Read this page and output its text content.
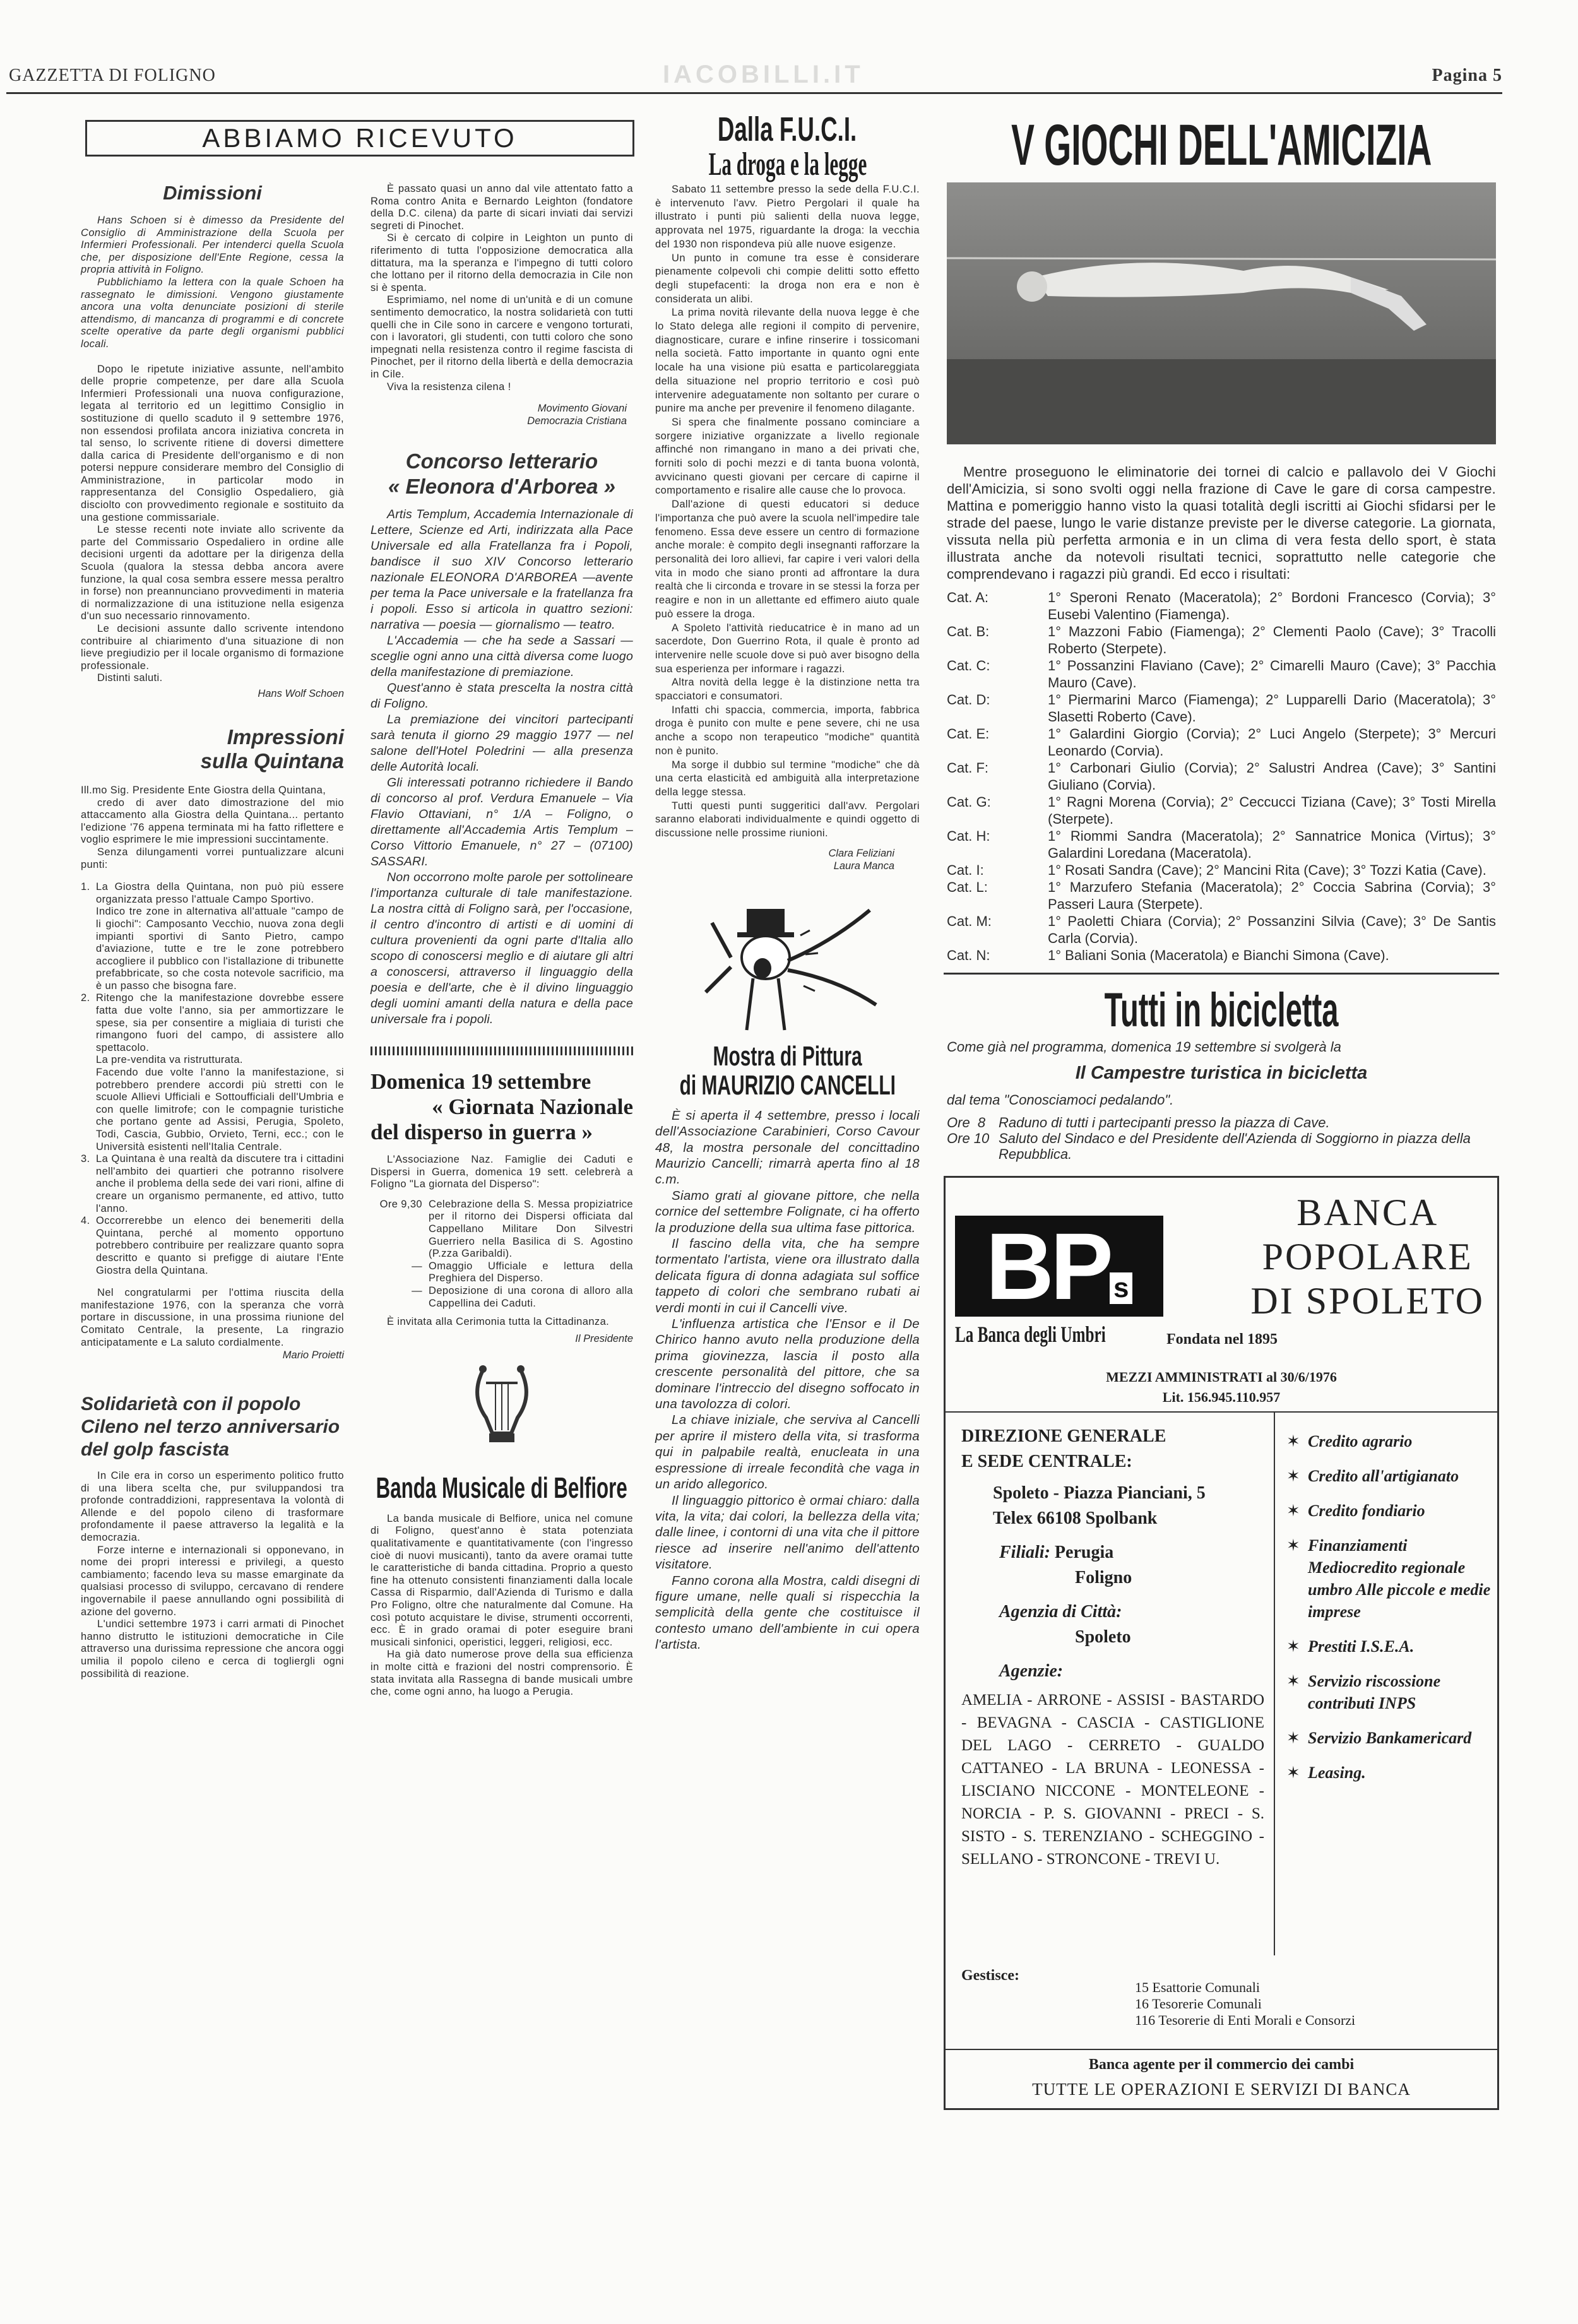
GAZZETTA DI FOLIGNO	IACOBILLI.IT	Pagina 5
ABBIAMO RICEVUTO
Dimissioni

Hans Schoen si è dimesso da Presidente del Consiglio di Amministrazione della Scuola per Infermieri Professionali. Per intenderci quella Scuola che, per disposizione dell'Ente Regione, cessa la propria attività in Foligno.

Pubblichiamo la lettera con la quale Schoen ha rassegnato le dimissioni. Vengono giustamente ancora una volta denunciate posizioni di sterile attendismo, di mancanza di programmi e di concrete scelte operative da parte degli organismi pubblici locali.

Dopo le ripetute iniziative assunte, nell'ambito delle proprie competenze, per dare alla Scuola Infermieri Professionali una nuova configurazione, legata al territorio ed un legittimo Consiglio in sostituzione di quello scaduto il 9 settembre 1976, non essendosi profilata ancora iniziativa concreta in tal senso, lo scrivente ritiene di doversi dimettere dalla carica di Presidente dell'organismo e di non potersi neppure considerare membro del Consiglio di Amministrazione, in particolar modo in rappresentanza del Consiglio Ospedaliero, già disciolto con provvedimento regionale e sostituito da una gestione commissariale.

Le stesse recenti note inviate allo scrivente da parte del Commissario Ospedaliero in ordine alle decisioni urgenti da adottare per la dirigenza della Scuola (qualora la stessa debba ancora avere funzione, la qual cosa sembra essere messa peraltro in forse) non preannunciano provvedimenti in materia di normalizzazione di una istituzione nella esigenza d'un suo necessario rinnovamento.

Le decisioni assunte dallo scrivente intendono contribuire al chiarimento d'una situazione di non lieve pregiudizio per il locale organismo di formazione professionale.

Distinti saluti.

Hans Wolf Schoen
Impressioni
sulla Quintana
Ill.mo Sig. Presidente Ente Giostra della Quintana,

credo di aver dato dimostrazione del mio attaccamento alla Giostra della Quintana... pertanto l'edizione '76 appena terminata mi ha fatto riflettere e voglio esprimere le mie impressioni succintamente.

Senza dilungamenti vorrei puntualizzare alcuni punti:

1. La Giostra della Quintana, non può più essere organizzata presso l'attuale Campo Sportivo.

Indico tre zone in alternativa all'attuale "campo de li giochi": Camposanto Vecchio, nuova zona degli impianti sportivi di Santo Pietro, campo d'aviazione, tutte e tre le zone potrebbero accogliere il pubblico con l'istallazione di tribunette prefabbricate, so che costa notevole sacrificio, ma è un passo che bisogna fare.

2. Ritengo che la manifestazione dovrebbe essere fatta due volte l'anno, sia per ammortizzare le spese, sia per consentire a migliaia di turisti che rimangono fuori del campo, di assistere allo spettacolo.

La pre-vendita va ristrutturata.

Facendo due volte l'anno la manifestazione, si potrebbero prendere accordi più stretti con le scuole Allievi Ufficiali e Sottoufficiali dell'Umbria e con quelle limitrofe; con le compagnie turistiche che portano gente ad Assisi, Perugia, Spoleto, Todi, Cascia, Gubbio, Orvieto, Terni, ecc.; con le Università esistenti nell'Italia Centrale.

3. La Quintana è una realtà da discutere tra i cittadini nell'ambito dei quartieri che potranno risolvere anche il problema della sede dei vari rioni, alfine di creare un organismo permanente, ed attivo, tutto l'anno.

4. Occorrerebbe un elenco dei benemeriti della Quintana, perché al momento opportuno potrebbero contribuire per realizzare quanto sopra descritto e quanto si prefigge di aiutare l'Ente Giostra della Quintana.

Nel congratularmi per l'ottima riuscita della manifestazione 1976, con la speranza che vorrà portare in discussione, in una prossima riunione del Comitato Centrale, la presente, La ringrazio anticipatamente e La saluto cordialmente.

Mario Proietti
Solidarietà con il popolo Cileno nel terzo anniversario del golp fascista

In Cile era in corso un esperimento politico frutto di una libera scelta che, pur sviluppandosi tra profonde contraddizioni, rappresentava la volontà di Allende e del popolo cileno di trasformare profondamente il paese attraverso la legalità e la democrazia.

Forze interne e internazionali si opponevano, in nome dei propri interessi e privilegi, a questo cambiamento; facendo leva su masse emarginate da qualsiasi processo di sviluppo, cercavano di rendere ingovernabile il paese annullando ogni possibilità di azione del governo.

L'undici settembre 1973 i carri armati di Pinochet hanno distrutto le istituzioni democratiche in Cile attraverso una durissima repressione che ancora oggi umilia il popolo cileno e cerca di togliergli ogni possibilità di reazione.

È passato quasi un anno dal vile attentato fatto a Roma contro Anita e Bernardo Leighton (fondatore della D.C. cilena) da parte di sicari inviati dai servizi segreti di Pinochet.

Si è cercato di colpire in Leighton un punto di riferimento di tutta l'opposizione democratica alla dittatura, ma la speranza e l'impegno di tutti coloro che lottano per il ritorno della democrazia in Cile non si è spenta.

Esprimiamo, nel nome di un'unità e di un comune sentimento democratico, la nostra solidarietà con tutti quelli che in Cile sono in carcere e vengono torturati, con i lavoratori, gli studenti, con tutti coloro che sono impegnati nella resistenza contro il regime fascista di Pinochet, per il ritorno della libertà e della democrazia in Cile.

Viva la resistenza cilena !

Movimento Giovani
Democrazia Cristiana
Concorso letterario
« Eleonora d'Arborea »

Artis Templum, Accademia Internazionale di Lettere, Scienze ed Arti, indirizzata alla Pace Universale ed alla Fratellanza fra i Popoli, bandisce il suo XIV Concorso letterario nazionale ELEONORA D'ARBOREA —avente per tema la Pace universale e la fratellanza fra i popoli. Esso si articola in quattro sezioni: narrativa — poesia — giornalismo — teatro.

L'Accademia — che ha sede a Sassari — sceglie ogni anno una città diversa come luogo della manifestazione di premiazione.

Quest'anno è stata prescelta la nostra città di Foligno.

La premiazione dei vincitori partecipanti sarà tenuta il giorno 29 maggio 1977 — nel salone dell'Hotel Poledrini — alla presenza delle Autorità locali.

Gli interessati potranno richiedere il Bando di concorso al prof. Verdura Emanuele – Via Flavio Ottaviani, n° 1/A – Foligno, o direttamente all'Accademia Artis Templum – Corso Vittorio Emanuele, n° 27 – (07100) SASSARI.

Non occorrono molte parole per sottolineare l'importanza culturale di tale manifestazione. La nostra città di Foligno sarà, per l'occasione, il centro d'incontro di artisti e di uomini di cultura provenienti da ogni parte d'Italia allo scopo di conoscersi meglio e di aiutare gli altri a conoscersi, attraverso il linguaggio della poesia e dell'arte, che è il divino linguaggio degli uomini amanti della natura e della pace universale fra i popoli.

Domenica 19 settembre
« Giornata Nazionale
del disperso in guerra »

L'Associazione Naz. Famiglie dei Caduti e Dispersi in Guerra, domenica 19 sett. celebrerà a Foligno "La giornata del Disperso":

Ore 9,30 Celebrazione della S. Messa propiziatrice per il ritorno dei Dispersi officiata dal Cappellano Militare Don Silvestri Guerriero nella Basilica di S. Agostino (P.zza Garibaldi).
— Omaggio Ufficiale e lettura della Preghiera del Disperso.
— Deposizione di una corona di alloro alla Cappellina dei Caduti.

È invitata alla Cerimonia tutta la Cittadinanza.

Il Presidente
Banda Musicale di Belfiore

La banda musicale di Belfiore, unica nel comune di Foligno, quest'anno è stata potenziata qualitativamente e quantitativamente (con l'ingresso cioè di nuovi musicanti), tanto da avere oramai tutte le caratteristiche di banda cittadina. Proprio a questo fine ha ottenuto consistenti finanziamenti dalla locale Cassa di Risparmio, dall'Azienda di Turismo e dalla Pro Foligno, oltre che naturalmente dal Comune. Ha così potuto acquistare le divise, strumenti occorrenti, ecc. È in grado oramai di poter eseguire brani musicali sinfonici, operistici, leggeri, religiosi, ecc.

Ha già dato numerose prove della sua efficienza in molte città e frazioni del nostri comprensorio. È stata invitata alla Rassegna di bande musicali umbre che, come ogni anno, ha luogo a Perugia.

Sabato 11 settembre presso la sede della F.U.C.I. è intervenuto l'avv. Pietro Pergolari il quale ha illustrato i punti più salienti della nuova legge, approvata nel 1975, riguardante la droga: la vecchia del 1930 non rispondeva più alle nuove esigenze.

Un punto in comune tra esse è considerare pienamente colpevoli chi compie delitti sotto effetto degli stupefacenti: la droga non era e non è considerata un alibi.

La prima novità rilevante della nuova legge è che lo Stato delega alle regioni il compito di pervenire, diagnosticare, curare e infine rinserire i tossicomani nella società. Fatto importante in quanto ogni ente locale ha una visione più esatta e particolareggiata della situazione nel proprio territorio e così può intervenire adeguatamente non soltanto per curare o punire ma anche per prevenire il fenomeno dilagante.

Si spera che finalmente possano cominciare a sorgere iniziative organizzate a livello regionale affinché non rimangano in mano a dei privati che, forniti solo di pochi mezzi e di tanta buona volontà, avvicinano questi giovani per cercare di capirne il comportamento e risalire alle cause che lo provoca.

Dall'azione di questi educatori si deduce l'importanza che può avere la scuola nell'impedire tale fenomeno. Essa deve essere un centro di formazione anche morale: è compito degli insegnanti rafforzare la personalità dei loro allievi, far capire i veri valori della vita in modo che siano pronti ad affrontare la dura realtà che li circonda e trovare in se stessi la forza per reagire e non in un allettante ed effimero aiuto quale può essere la droga.

A Spoleto l'attività rieducatrice è in mano ad un sacerdote, Don Guerrino Rota, il quale è pronto ad intervenire nelle scuole dove si può aver bisogno della sua esperienza per informare i ragazzi.

Altra novità della legge è la distinzione netta tra spacciatori e consumatori.

Infatti chi spaccia, commercia, importa, fabbrica droga è punito con multe e pene severe, chi ne usa anche a scopo non terapeutico "modiche" quantità non è punito.

Ma sorge il dubbio sul termine "modiche" che dà una certa elasticità ed ambiguità alla interpretazione della legge stessa.

Tutti questi punti suggeritici dall'avv. Pergolari saranno elaborati individualmente e quindi oggetto di discussione nelle prossime riunioni.

Clara Feliziani
Laura Manca
Mostra di Pittura
di MAURIZIO CANCELLI

È si aperta il 4 settembre, presso i locali dell'Associazione Carabinieri, Corso Cavour 48, la mostra personale del concittadino Maurizio Cancelli; rimarrà aperta fino al 18 c.m.

Siamo grati al giovane pittore, che nella cornice del settembre Folignate, ci ha offerto la produzione della sua ultima fase pittorica.

Il fascino della vita, che ha sempre tormentato l'artista, viene ora illustrato dalla delicata figura di donna adagiata sul soffice tappeto di colori che sembrano rubati ai verdi monti in cui il Cancelli vive.

L'influenza artistica che l'Ensor e il De Chirico hanno avuto nella produzione della prima giovinezza, lascia il posto alla crescente personalità del pittore, che sa dominare l'intreccio del disegno soffocato in una tavolozza di colori.

La chiave iniziale, che serviva al Cancelli per aprire il mistero della vita, si trasforma qui in palpabile realtà, enucleata in una espressione di irreale fecondità che vaga in un arido allegorico.

Il linguaggio pittorico è ormai chiaro: dalla vita, la vita; dai colori, la bellezza della vita; dalle linee, i contorni di una vita che il pittore riesce ad inserire nell'animo dell'attento visitatore.

Fanno corona alla Mostra, caldi disegni di figure umane, nelle quali si rispecchia la semplicità della gente che costituisce il contesto umano dell'ambiente in cui opera l'artista.

Dalla F.U.C.I.
La droga e la legge V GIOCHI DELL'AMICIZIA

Mentre proseguono le eliminatorie dei tornei di calcio e pallavolo dei V Giochi dell'Amicizia, si sono svolti oggi nella frazione di Cave le gare di corsa campestre. Mattina e pomeriggio hanno visto la quasi totalità degli iscritti ai Giochi sfidarsi per le strade del paese, lungo le varie distanze previste per le diverse categorie. La giornata, vissuta nella più perfetta armonia e in un clima di vera festa dello sport, è stata illustrata anche da notevoli risultati tecnici, soprattutto nelle categorie che comprendevano i ragazzi più grandi. Ed ecco i risultati:

Cat. A:	1° Speroni Renato (Maceratola); 2° Bordoni Francesco (Corvia); 3° Eusebi Valentino (Fiamenga).
Cat. B:	1° Mazzoni Fabio (Fiamenga); 2° Clementi Paolo (Cave); 3° Tracolli Roberto (Sterpete).
Cat. C:	1° Possanzini Flaviano (Cave); 2° Cimarelli Mauro (Cave); 3° Pacchia Mauro (Cave).
Cat. D:	1° Piermarini Marco (Fiamenga); 2° Lupparelli Dario (Maceratola); 3° Slasetti Roberto (Cave).
Cat. E:	1° Galardini Giorgio (Corvia); 2° Luci Angelo (Sterpete); 3° Mercuri Leonardo (Corvia).
Cat. F:	1° Carbonari Giulio (Corvia); 2° Salustri Andrea (Cave); 3° Santini Giuliano (Corvia).
Cat. G:	1° Ragni Morena (Corvia); 2° Ceccucci Tiziana (Cave); 3° Tosti Mirella (Sterpete).
Cat. H:	1° Riommi Sandra (Maceratola); 2° Sannatrice Monica (Virtus); 3° Galardini Loredana (Maceratola).
Cat. I:	1° Rosati Sandra (Cave); 2° Mancini Rita (Cave); 3° Tozzi Katia (Cave).
Cat. L:	1° Marzufero Stefania (Maceratola); 2° Coccia Sabrina (Corvia); 3° Passeri Laura (Sterpete).
Cat. M:	1° Paoletti Chiara (Corvia); 2° Possanzini Silvia (Cave); 3° De Santis Carla (Corvia).
Cat. N:	1° Baliani Sonia (Maceratola) e Bianchi Simona (Cave).
Tutti in bicicletta
Come già nel programma, domenica 19 settembre si svolgerà la
Il Campestre turistica in bicicletta
dal tema "Conosciamoci pedalando".
Ore  8 Raduno di tutti i partecipanti presso la piazza di Cave.
Ore 10 Saluto del Sindaco e del Presidente dell'Azienda di Soggiorno in piazza della Repubblica.
BP s
La Banca degli Umbri	Fondata nel 1895
BANCA
POPOLARE
DI SPOLETO
MEZZI AMMINISTRATI al 30/6/1976
Lit. 156.945.110.957
DIREZIONE GENERALE
E SEDE CENTRALE:
Spoleto - Piazza Pianciani, 5
Telex 66108 Spolbank
Filiali: Perugia
Foligno
Agenzia di Città:
Spoleto
Agenzie:
AMELIA - ARRONE - ASSISI - BASTARDO - BEVAGNA - CASCIA - CASTIGLIONE DEL LAGO - CERRETO - GUALDO CATTANEO - LA BRUNA - LEONESSA - LISCIANO NICCONE - MONTELEONE - NORCIA - P. S. GIOVANNI - PRECI - S. SISTO - S. TERENZIANO - SCHEGGINO - SELLANO - STRONCONE - TREVI U.
✶ Credito agrario
✶ Credito all'artigianato
✶ Credito fondiario
✶ Finanziamenti Mediocredito regionale umbro Alle piccole e medie imprese
✶ Prestiti I.S.E.A.
✶ Servizio riscossione contributi INPS
✶ Servizio Bankamericard
✶ Leasing.
Gestisce:
15 Esattorie Comunali
16 Tesorerie Comunali
116 Tesorerie di Enti Morali e Consorzi
Banca agente per il commercio dei cambi
TUTTE LE OPERAZIONI E SERVIZI DI BANCA
